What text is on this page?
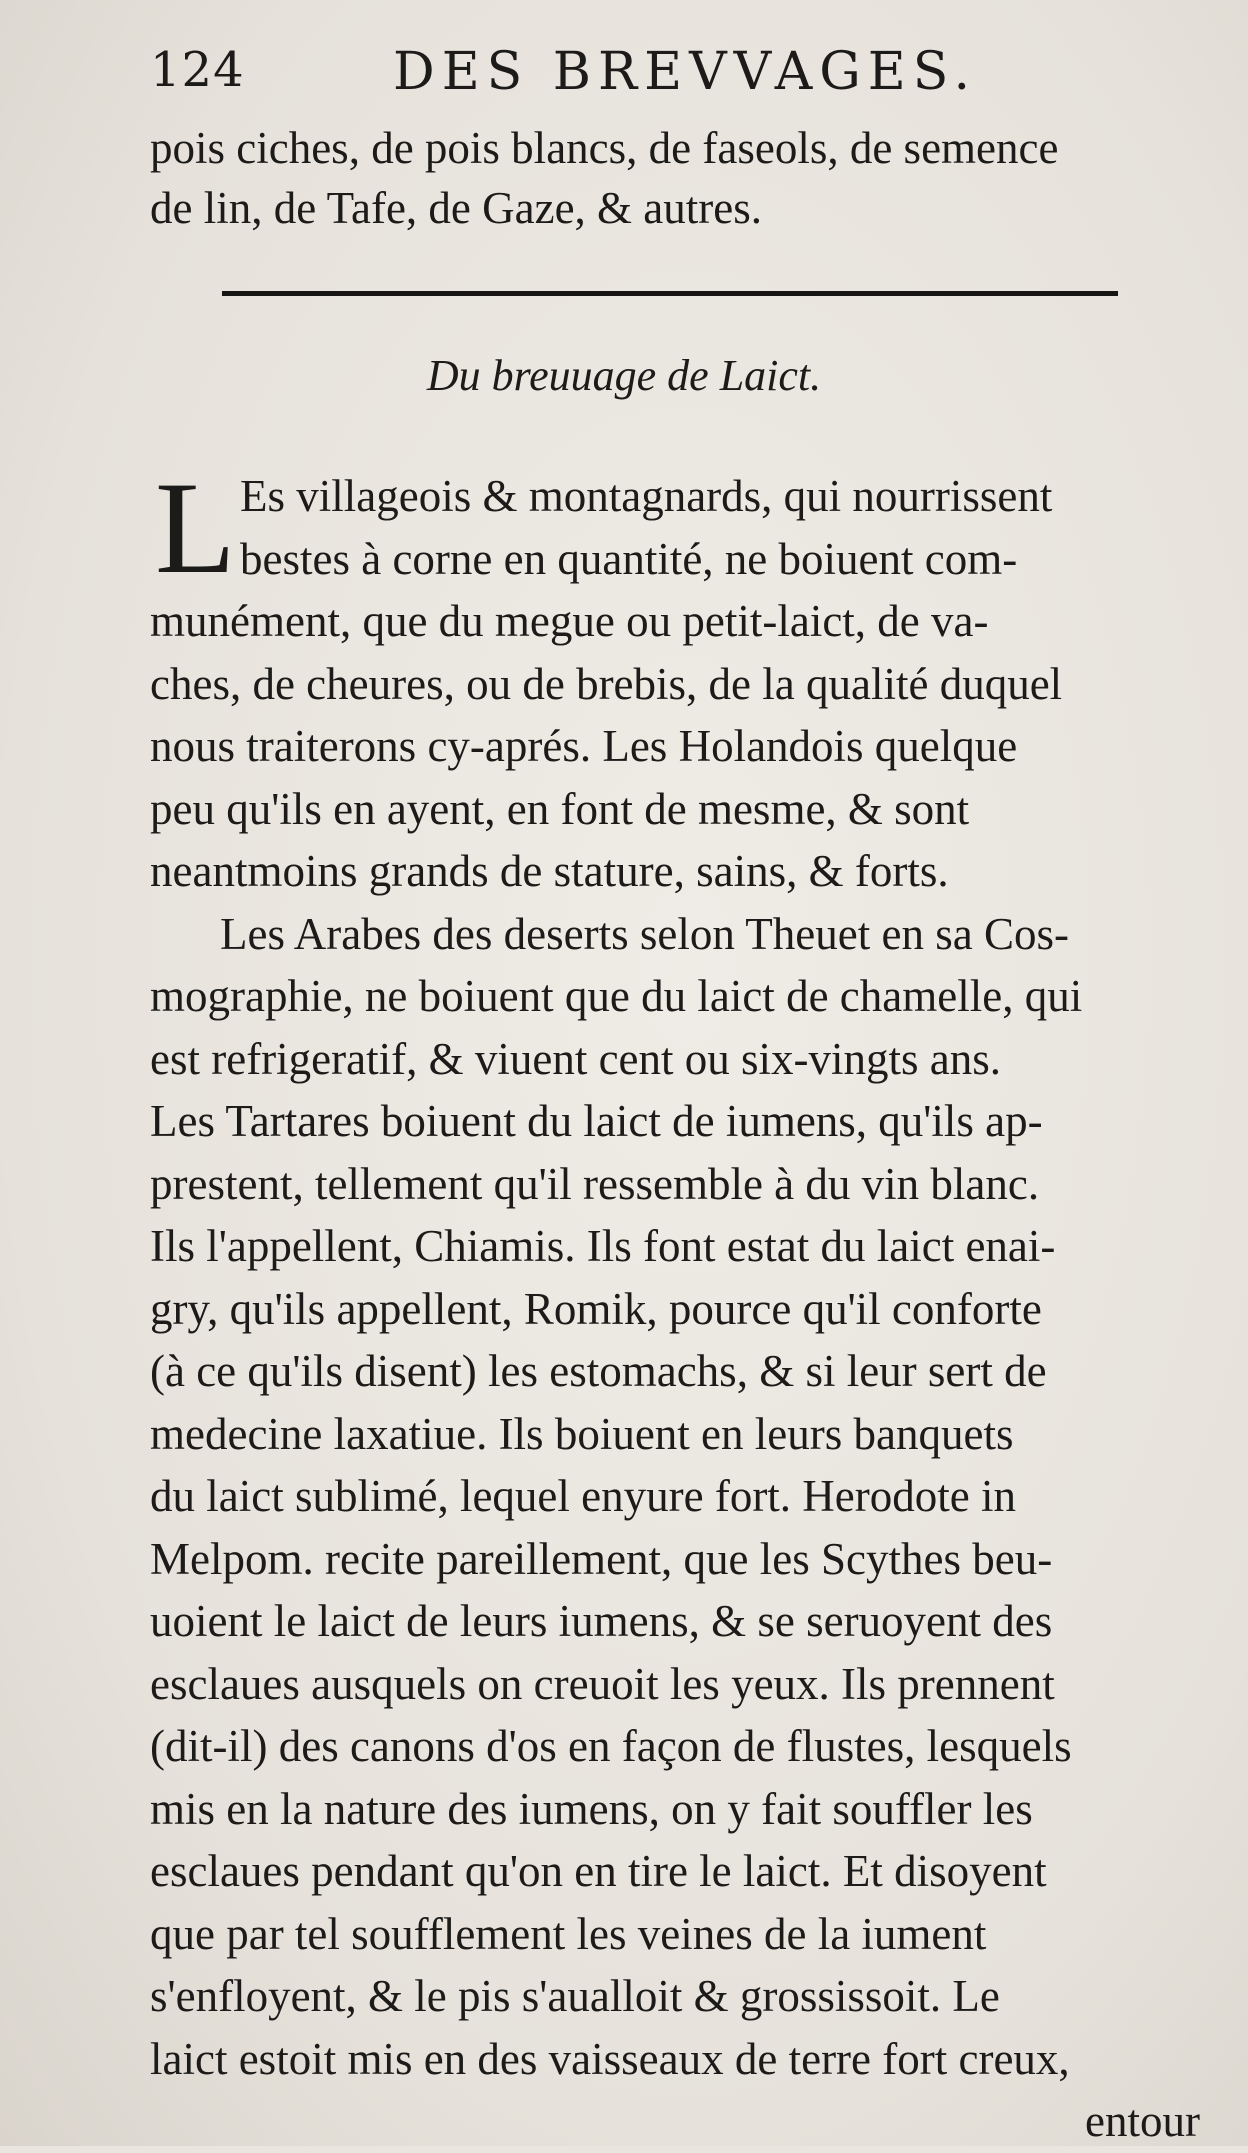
124	DES BREVVAGES.
pois ciches, de pois blancs, de faseols, de semence
de lin, de Tafe, de Gaze, & autres.
Du breuuage de Laict.
L Es villageois & montagnards, qui nourrissent
bestes à corne en quantité, ne boiuent com-
munément, que du megue ou petit-laict, de va-
ches, de cheures, ou de brebis, de la qualité duquel
nous traiterons cy-aprés. Les Holandois quelque
peu qu'ils en ayent, en font de mesme, & sont
neantmoins grands de stature, sains, & forts.
Les Arabes des deserts selon Theuet en sa Cos-
mographie, ne boiuent que du laict de chamelle, qui
est refrigeratif, & viuent cent ou six-vingts ans.
Les Tartares boiuent du laict de iumens, qu'ils ap-
prestent, tellement qu'il ressemble à du vin blanc.
Ils l'appellent, Chiamis. Ils font estat du laict enai-
gry, qu'ils appellent, Romik, pource qu'il conforte
(à ce qu'ils disent) les estomachs, & si leur sert de
medecine laxatiue. Ils boiuent en leurs banquets
du laict sublimé, lequel enyure fort. Herodote in
Melpom. recite pareillement, que les Scythes beu-
uoient le laict de leurs iumens, & se seruoyent des
esclaues ausquels on creuoit les yeux. Ils prennent
(dit-il) des canons d'os en façon de flustes, lesquels
mis en la nature des iumens, on y fait souffler les
esclaues pendant qu'on en tire le laict. Et disoyent
que par tel soufflement les veines de la iument
s'enfloyent, & le pis s'aualloit & grossissoit. Le
laict estoit mis en des vaisseaux de terre fort creux,
entour
